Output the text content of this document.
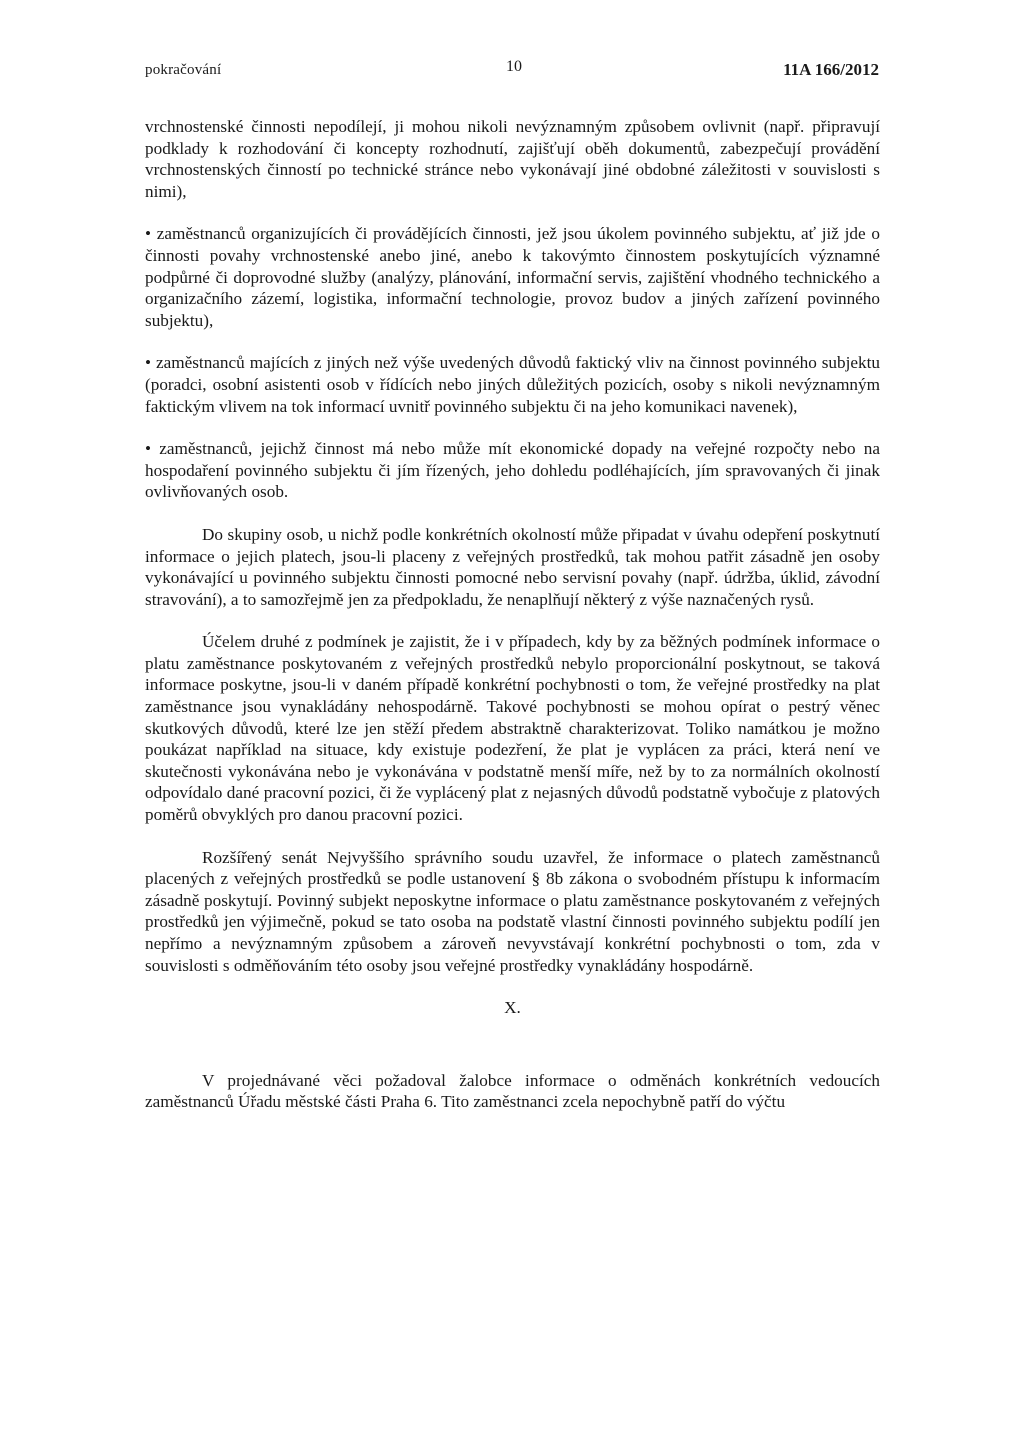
pokračování	10	11A 166/2012

vrchnostenské činnosti nepodílejí, ji mohou nikoli nevýznamným způsobem ovlivnit (např. připravují podklady k rozhodování či koncepty rozhodnutí, zajišťují oběh dokumentů, zabezpečují provádění vrchnostenských činností po technické stránce nebo vykonávají jiné obdobné záležitosti v souvislosti s nimi),

• zaměstnanců organizujících či provádějících činnosti, jež jsou úkolem povinného subjektu, ať již jde o činnosti povahy vrchnostenské anebo jiné, anebo k takovýmto činnostem poskytujících významné podpůrné či doprovodné služby (analýzy, plánování, informační servis, zajištění vhodného technického a organizačního zázemí, logistika, informační technologie, provoz budov a jiných zařízení povinného subjektu),

• zaměstnanců majících z jiných než výše uvedených důvodů faktický vliv na činnost povinného subjektu (poradci, osobní asistenti osob v řídících nebo jiných důležitých pozicích, osoby s nikoli nevýznamným faktickým vlivem na tok informací uvnitř povinného subjektu či na jeho komunikaci navenek),

• zaměstnanců, jejichž činnost má nebo může mít ekonomické dopady na veřejné rozpočty nebo na hospodaření povinného subjektu či jím řízených, jeho dohledu podléhajících, jím spravovaných či jinak ovlivňovaných osob.

Do skupiny osob, u nichž podle konkrétních okolností může připadat v úvahu odepření poskytnutí informace o jejich platech, jsou-li placeny z veřejných prostředků, tak mohou patřit zásadně jen osoby vykonávající u povinného subjektu činnosti pomocné nebo servisní povahy (např. údržba, úklid, závodní stravování), a to samozřejmě jen za předpokladu, že nenaplňují některý z výše naznačených rysů.

Účelem druhé z podmínek je zajistit, že i v případech, kdy by za běžných podmínek informace o platu zaměstnance poskytovaném z veřejných prostředků nebylo proporcionální poskytnout, se taková informace poskytne, jsou-li v daném případě konkrétní pochybnosti o tom, že veřejné prostředky na plat zaměstnance jsou vynakládány nehospodárně. Takové pochybnosti se mohou opírat o pestrý věnec skutkových důvodů, které lze jen stěží předem abstraktně charakterizovat. Toliko namátkou je možno poukázat například na situace, kdy existuje podezření, že plat je vyplácen za práci, která není ve skutečnosti vykonávána nebo je vykonávána v podstatně menší míře, než by to za normálních okolností odpovídalo dané pracovní pozici, či že vyplácený plat z nejasných důvodů podstatně vybočuje z platových poměrů obvyklých pro danou pracovní pozici.

Rozšířený senát Nejvyššího správního soudu uzavřel, že informace o platech zaměstnanců placených z veřejných prostředků se podle ustanovení § 8b zákona o svobodném přístupu k informacím zásadně poskytují. Povinný subjekt neposkytne informace o platu zaměstnance poskytovaném z veřejných prostředků jen výjimečně, pokud se tato osoba na podstatě vlastní činnosti povinného subjektu podílí jen nepřímo a nevýznamným způsobem a zároveň nevyvstávají konkrétní pochybnosti o tom, zda v souvislosti s odměňováním této osoby jsou veřejné prostředky vynakládány hospodárně.

X.

V projednávané věci požadoval žalobce informace o odměnách konkrétních vedoucích zaměstnanců Úřadu městské části Praha 6. Tito zaměstnanci zcela nepochybně patří do výčtu
